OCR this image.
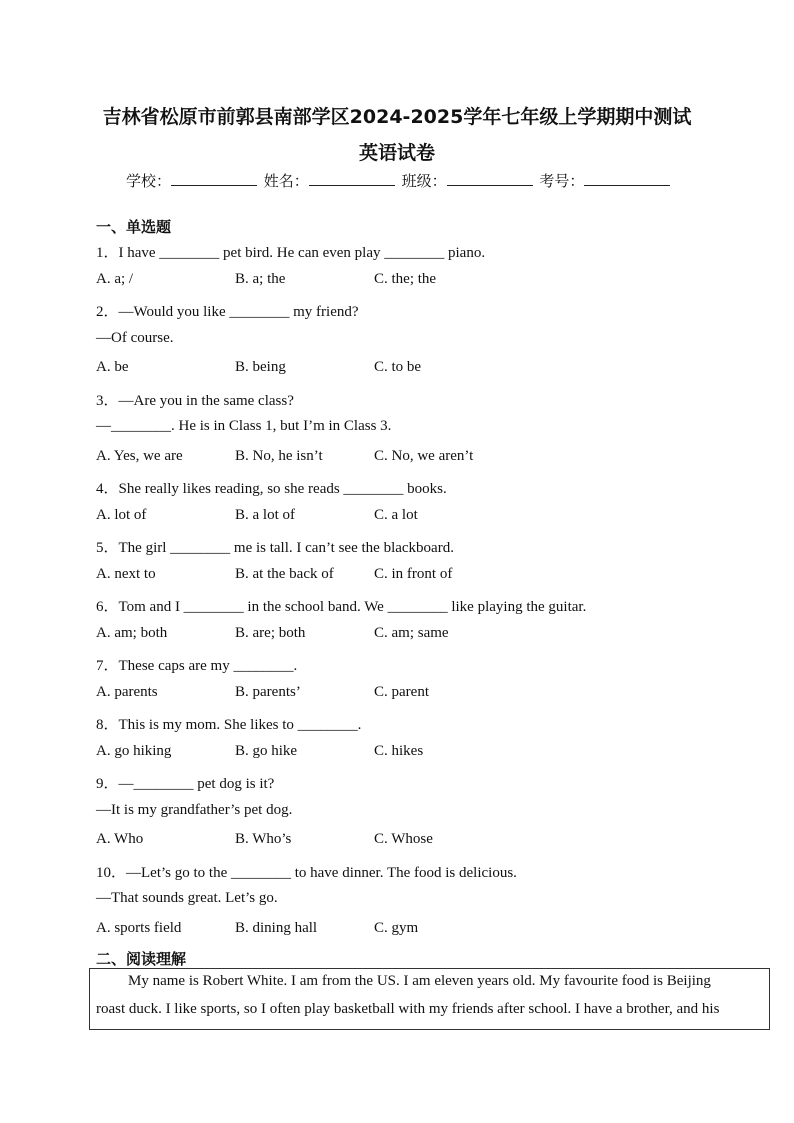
吉林省松原市前郭县南部学区2024-2025学年七年级上学期期中测试
英语试卷
学校：	姓名：	班级：	考号：
一、单选题
1．I have ________ pet bird. He can even play ________ piano.
A. a; /	B. a; the	C. the; the
2．—Would you like ________ my friend?
—Of course.
A. be	B. being	C. to be
3．—Are you in the same class?
—________. He is in Class 1, but I’m in Class 3.
A. Yes, we are	B. No, he isn’t	C. No, we aren’t
4．She really likes reading, so she reads ________ books.
A. lot of	B. a lot of	C. a lot
5．The girl ________ me is tall. I can’t see the blackboard.
A. next to	B. at the back of	C. in front of
6．Tom and I ________ in the school band. We ________ like playing the guitar.
A. am; both	B. are; both	C. am; same
7．These caps are my ________.
A. parents	B. parents’	C. parent
8．This is my mom. She likes to ________.
A. go hiking	B. go hike	C. hikes
9．—________ pet dog is it?
—It is my grandfather’s pet dog.
A. Who	B. Who’s	C. Whose
10．—Let’s go to the ________ to have dinner. The food is delicious.
—That sounds great. Let’s go.
A. sports field	B. dining hall	C. gym
二、阅读理解
My name is Robert White. I am from the US. I am eleven years old. My favourite food is Beijing
roast duck. I like sports, so I often play basketball with my friends after school. I have a brother, and his
